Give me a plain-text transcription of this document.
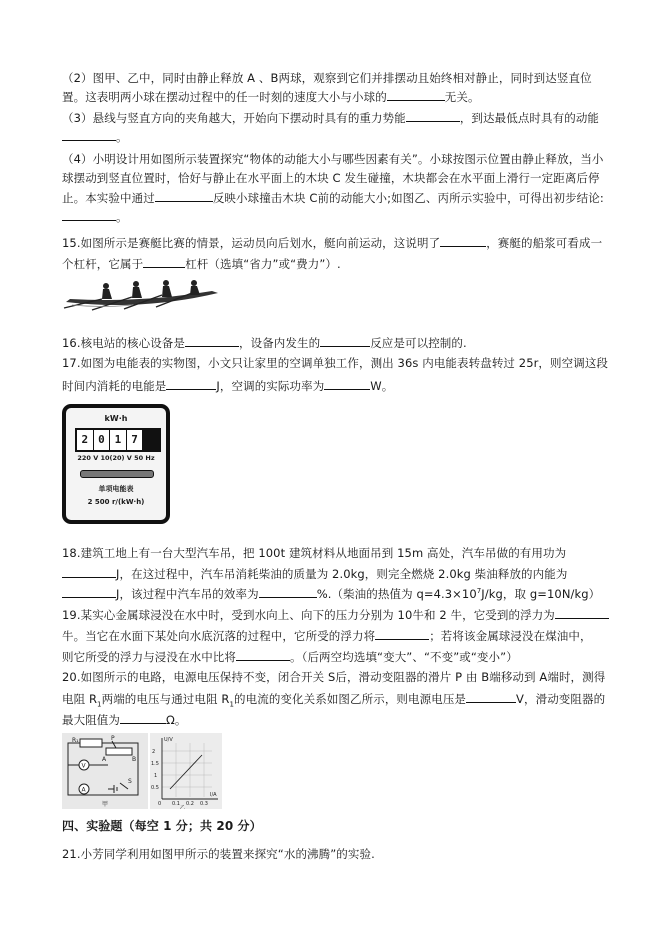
（2）图甲、乙中，同时由静止释放 A 、B两球，观察到它们并排摆动且始终相对静止，同时到达竖直位
置。这表明两小球在摆动过程中的任一时刻的速度大小与小球的	无关。
（3）悬线与竖直方向的夹角越大，开始向下摆动时具有的重力势能	，到达最低点时具有的动能
。
（4）小明设计用如图所示装置探究“物体的动能大小与哪些因素有关”。小球按图示位置由静止释放，当小
球摆动到竖直位置时，恰好与静止在水平面上的木块 C 发生碰撞，木块都会在水平面上滑行一定距离后停
止。本实验中通过	反映小球撞击木块 C前的动能大小;如图乙、丙所示实验中，可得出初步结论:
。
15.如图所示是赛艇比赛的情景，运动员向后划水，艇向前运动，这说明了	，赛艇的船浆可看成一
个杠杆，它属于	杠杆（选填“省力”或“费力”）.
16.核电站的核心设备是	，设备内发生的	反应是可以控制的.
17.如图为电能表的实物图，小文只让家里的空调单独工作，测出 36s 内电能表转盘转过 25r，则空调这段
时间内消耗的电能是	J，空调的实际功率为	W。
kW·h
2 0 1 7
220 V 10(20) V 50 Hz
单项电能表
2 500 r/(kW·h)
18.建筑工地上有一台大型汽车吊，把 100t 建筑材料从地面吊到 15m 高处，汽车吊做的有用功为
J，在这过程中，汽车吊消耗柴油的质量为 2.0kg，则完全燃烧 2.0kg 柴油释放的内能为
J，该过程中汽车吊的效率为	%.（柴油的热值为 $q=4.3\times 10^7J/kg$，取 g=10N/kg）
19.某实心金属球浸没在水中时，受到水向上、向下的压力分别为 10牛和 2 牛，它受到的浮力为
牛。当它在水面下某处向水底沉落的过程中，它所受的浮力将	；若将该金属球浸没在煤油中，
则它所受的浮力与浸没在水中比将	。（后两空均选填“变大”、“不变”或“变小”）
20.如图所示的电路，电源电压保持不变，闭合开关 S后，滑动变阻器的滑片 P 由 B端移动到 A端时，测得
电阻 $R_1$两端的电压与通过电阻 $R_1$的电流的变化关系如图乙所示，则电源电压是	V，滑动变阻器的
最大阻值为	Ω。
R₁	P
A	B
V
A
S
甲
U/V
2
1.5
1
0.5
0 0.1 0.2 0.3
I/A
乙
四、实验题（每空 1 分；共 20 分）
21.小芳同学利用如图甲所示的装置来探究“水的沸腾”的实验.
